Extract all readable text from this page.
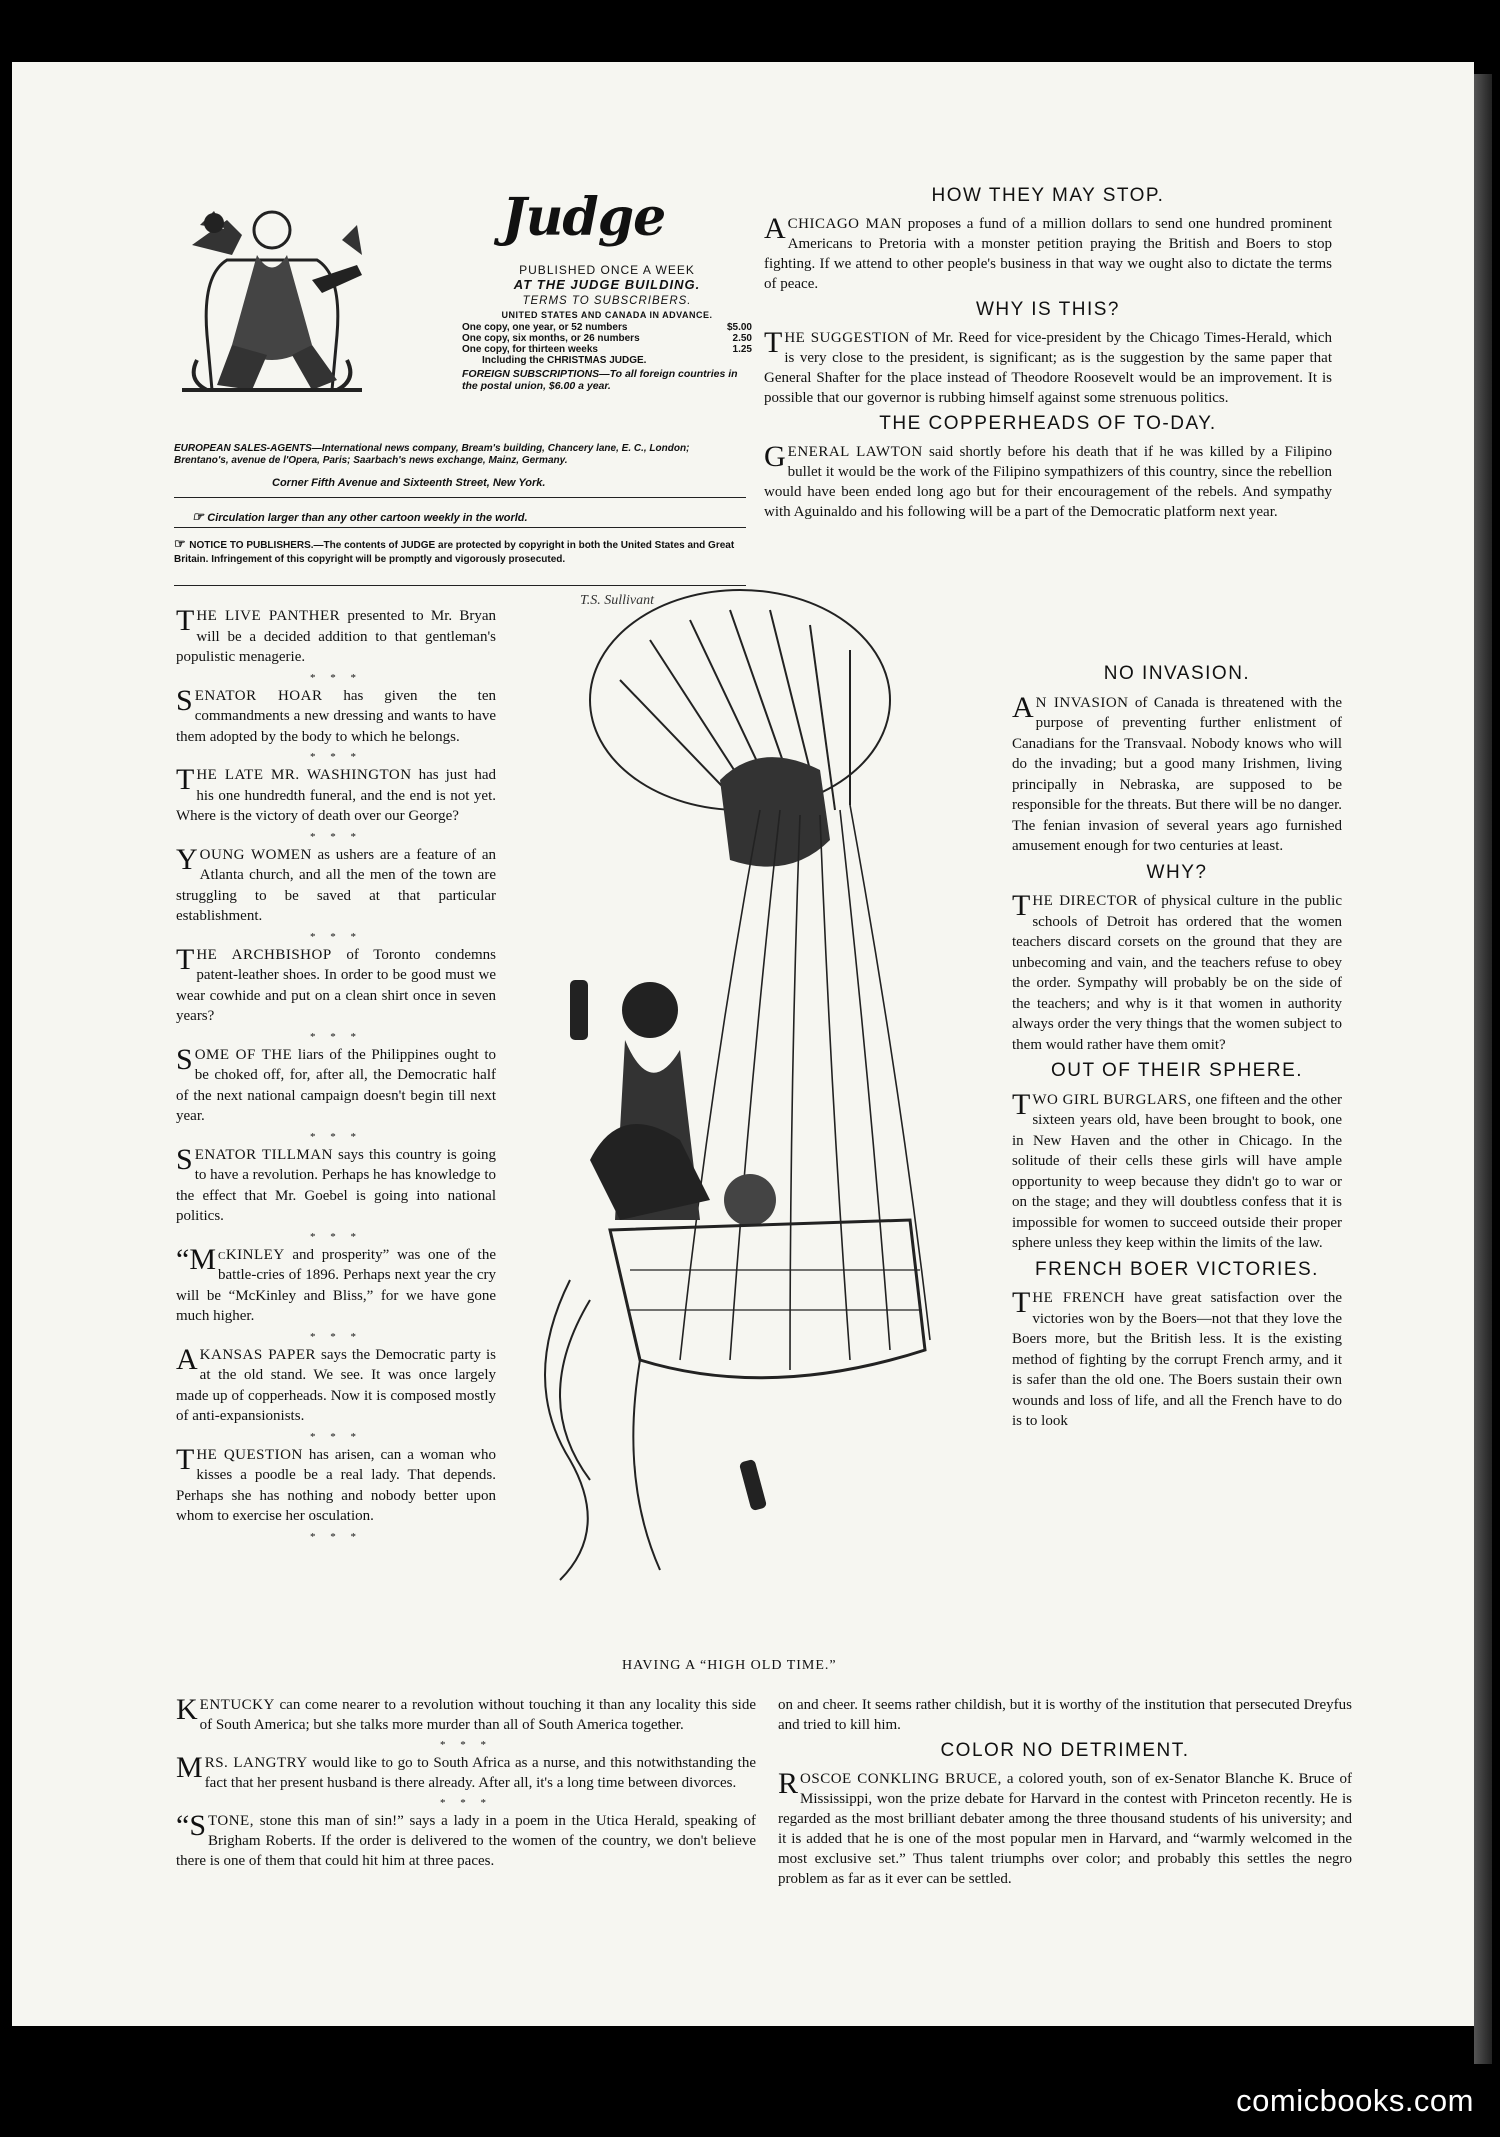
Judge
PUBLISHED ONCE A WEEK
AT THE JUDGE BUILDING.
TERMS TO SUBSCRIBERS.
UNITED STATES AND CANADA IN ADVANCE.
One copy, one year, or 52 numbers	$5.00
One copy, six months, or 26 numbers	2.50
One copy, for thirteen weeks	1.25
Including the CHRISTMAS JUDGE.
FOREIGN SUBSCRIPTIONS—To all foreign countries in the postal union, $6.00 a year.
EUROPEAN SALES-AGENTS—International news company, Bream's building, Chancery lane, E. C., London; Brentano's, avenue de l'Opera, Paris; Saarbach's news exchange, Mainz, Germany.
Corner Fifth Avenue and Sixteenth Street, New York.
☞ Circulation larger than any other cartoon weekly in the world.
☞ NOTICE TO PUBLISHERS.—The contents of JUDGE are protected by copyright in both the United States and Great Britain. Infringement of this copyright will be promptly and vigorously prosecuted.
HOW THEY MAY STOP.

ACHICAGO MAN proposes a fund of a million dollars to send one hundred prominent Americans to Pretoria with a monster petition praying the British and Boers to stop fighting. If we attend to other people's business in that way we ought also to dictate the terms of peace.

WHY IS THIS?

THE SUGGESTION of Mr. Reed for vice-president by the Chicago Times-Herald, which is very close to the president, is significant; as is the suggestion by the same paper that General Shafter for the place instead of Theodore Roosevelt would be an improvement. It is possible that our governor is rubbing himself against some strenuous politics.

THE COPPERHEADS OF TO-DAY.

GENERAL LAWTON said shortly before his death that if he was killed by a Filipino bullet it would be the work of the Filipino sympathizers of this country, since the rebellion would have been ended long ago but for their encouragement of the rebels. And sympathy with Aguinaldo and his following will be a part of the Democratic platform next year.

T.S. Sullivant
HAVING A “HIGH OLD TIME.”

THE LIVE PANTHER presented to Mr. Bryan will be a decided addition to that gentleman's populistic menagerie.

* * *

SENATOR HOAR has given the ten commandments a new dressing and wants to have them adopted by the body to which he belongs.

* * *

THE LATE MR. WASHINGTON has just had his one hundredth funeral, and the end is not yet. Where is the victory of death over our George?

* * *

YOUNG WOMEN as ushers are a feature of an Atlanta church, and all the men of the town are struggling to be saved at that particular establishment.

* * *

THE ARCHBISHOP of Toronto condemns patent-leather shoes. In order to be good must we wear cowhide and put on a clean shirt once in seven years?

* * *

SOME OF THE liars of the Philippines ought to be choked off, for, after all, the Democratic half of the next national campaign doesn't begin till next year.

* * *

SENATOR TILLMAN says this country is going to have a revolution. Perhaps he has knowledge to the effect that Mr. Goebel is going into national politics.

* * *

“McKINLEY and prosperity” was one of the battle-cries of 1896. Perhaps next year the cry will be “McKinley and Bliss,” for we have gone much higher.

* * *

A KANSAS PAPER says the Democratic party is at the old stand. We see. It was once largely made up of copperheads. Now it is composed mostly of anti-expansionists.

* * *

THE QUESTION has arisen, can a woman who kisses a poodle be a real lady. That depends. Perhaps she has nothing and nobody better upon whom to exercise her osculation.

* * *
NO INVASION.

A N INVASION of Canada is threatened with the purpose of preventing further enlistment of Canadians for the Transvaal. Nobody knows who will do the invading; but a good many Irishmen, living principally in Nebraska, are supposed to be responsible for the threats. But there will be no danger. The fenian invasion of several years ago furnished amusement enough for two centuries at least.

WHY?

THE DIRECTOR of physical culture in the public schools of Detroit has ordered that the women teachers discard corsets on the ground that they are unbecoming and vain, and the teachers refuse to obey the order. Sympathy will probably be on the side of the teachers; and why is it that women in authority always order the very things that the women subject to them would rather have them omit?

OUT OF THEIR SPHERE.

TWO GIRL BURGLARS, one fifteen and the other sixteen years old, have been brought to book, one in New Haven and the other in Chicago. In the solitude of their cells these girls will have ample opportunity to weep because they didn't go to war or on the stage; and they will doubtless confess that it is impossible for women to succeed outside their proper sphere unless they keep within the limits of the law.

FRENCH BOER VICTORIES.

THE FRENCH have great satisfaction over the victories won by the Boers—not that they love the Boers more, but the British less. It is the existing method of fighting by the corrupt French army, and it is safer than the old one. The Boers sustain their own wounds and loss of life, and all the French have to do is to look

KENTUCKY can come nearer to a revolution without touching it than any locality this side of South America; but she talks more murder than all of South America together.

* * *

MRS. LANGTRY would like to go to South Africa as a nurse, and this notwithstanding the fact that her present husband is there already. After all, it's a long time between divorces.

* * *

“STONE, stone this man of sin!” says a lady in a poem in the Utica Herald, speaking of Brigham Roberts. If the order is delivered to the women of the country, we don't believe there is one of them that could hit him at three paces.

on and cheer. It seems rather childish, but it is worthy of the institution that persecuted Dreyfus and tried to kill him.

COLOR NO DETRIMENT.

ROSCOE CONKLING BRUCE, a colored youth, son of ex-Senator Blanche K. Bruce of Mississippi, won the prize debate for Harvard in the contest with Princeton recently. He is regarded as the most brilliant debater among the three thousand students of his university; and it is added that he is one of the most popular men in Harvard, and “warmly welcomed in the most exclusive set.” Thus talent triumphs over color; and probably this settles the negro problem as far as it ever can be settled.

comicbooks.com
